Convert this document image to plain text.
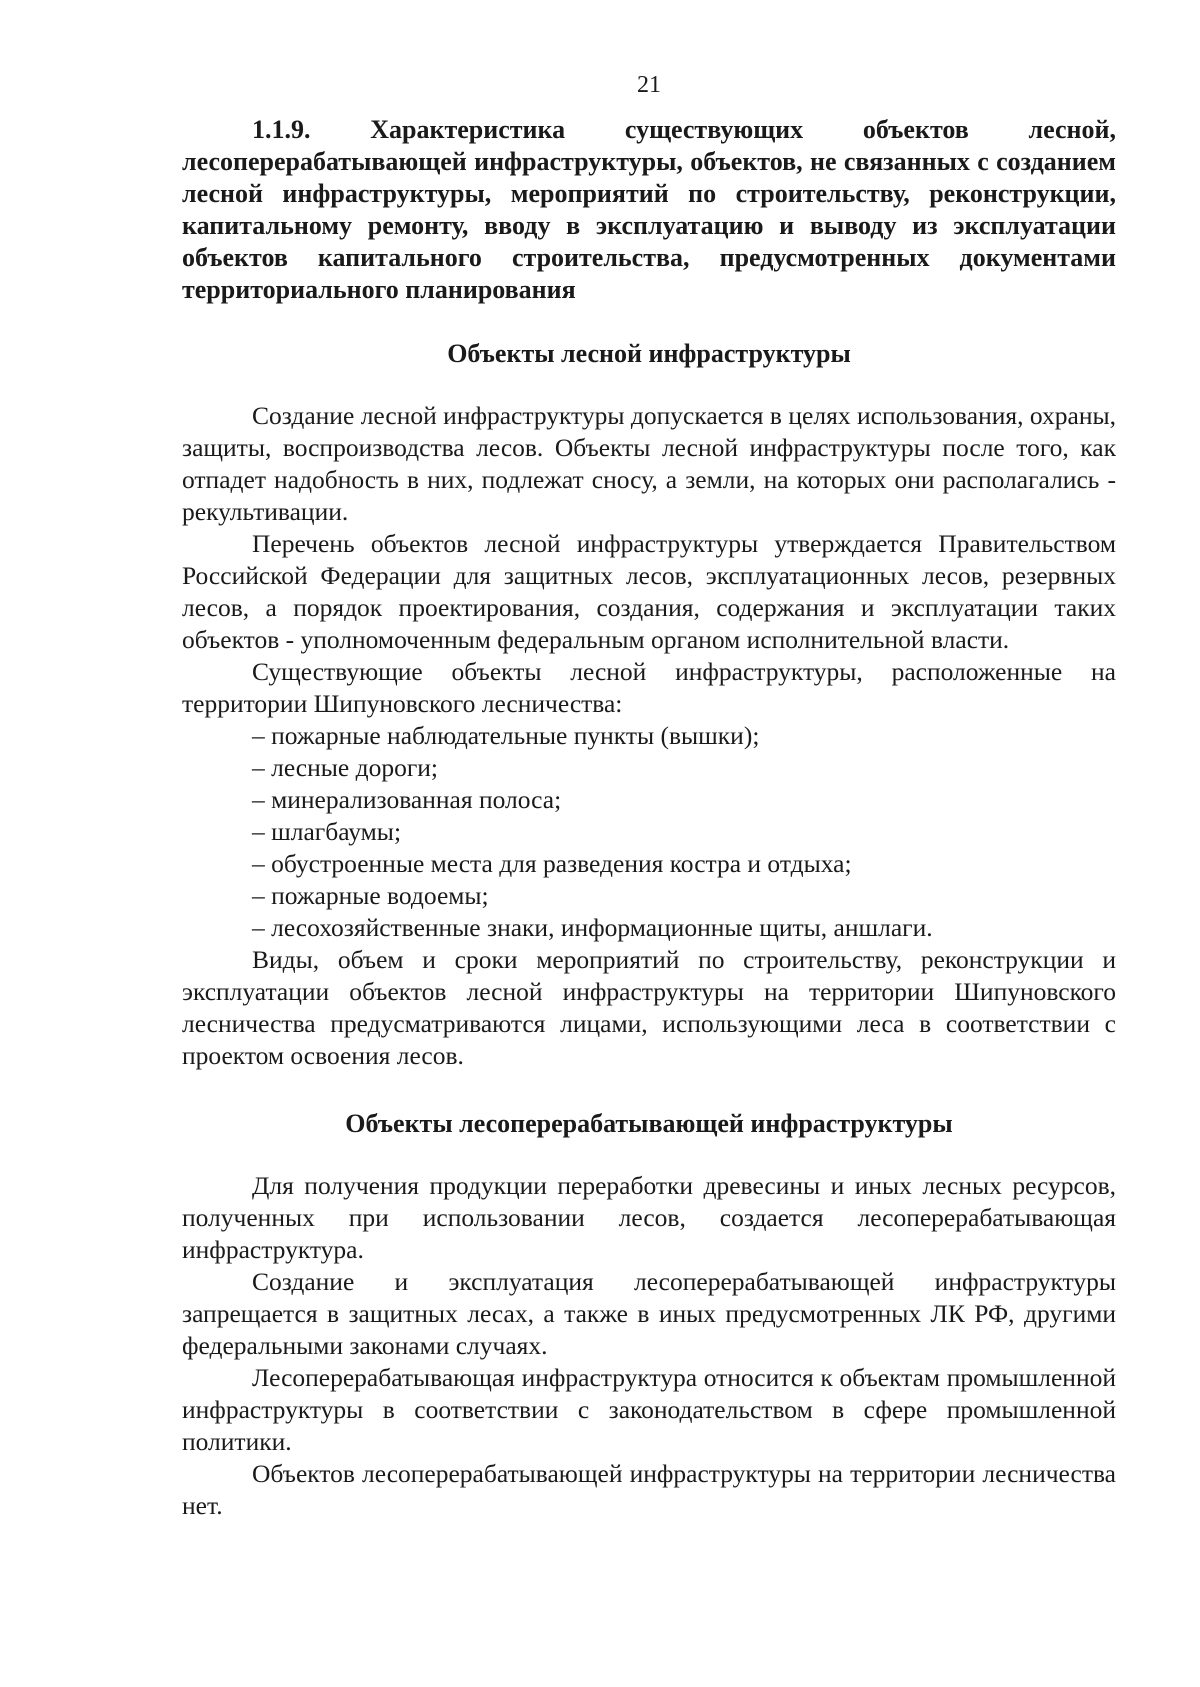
21
1.1.9. Характеристика существующих объектов лесной, лесоперерабатывающей инфраструктуры, объектов, не связанных с созданием лесной инфраструктуры, мероприятий по строительству, реконструкции, капитальному ремонту, вводу в эксплуатацию и выводу из эксплуатации объектов капитального строительства, предусмотренных документами территориального планирования
Объекты лесной инфраструктуры

Создание лесной инфраструктуры допускается в целях использования, охраны, защиты, воспроизводства лесов. Объекты лесной инфраструктуры после того, как отпадет надобность в них, подлежат сносу, а земли, на которых они располагались - рекультивации.

Перечень объектов лесной инфраструктуры утверждается Правительством Российской Федерации для защитных лесов, эксплуатационных лесов, резервных лесов, а порядок проектирования, создания, содержания и эксплуатации таких объектов - уполномоченным федеральным органом исполнительной власти.

Существующие объекты лесной инфраструктуры, расположенные на территории Шипуновского лесничества:

– пожарные наблюдательные пункты (вышки);
– лесные дороги;
– минерализованная полоса;
– шлагбаумы;
– обустроенные места для разведения костра и отдыха;
– пожарные водоемы;
– лесохозяйственные знаки, информационные щиты, аншлаги.

Виды, объем и сроки мероприятий по строительству, реконструкции и эксплуатации объектов лесной инфраструктуры на территории Шипуновского лесничества предусматриваются лицами, использующими леса в соответствии с проектом освоения лесов.

Объекты лесоперерабатывающей инфраструктуры

Для получения продукции переработки древесины и иных лесных ресурсов, полученных при использовании лесов, создается лесоперерабатывающая инфраструктура.

Создание и эксплуатация лесоперерабатывающей инфраструктуры запрещается в защитных лесах, а также в иных предусмотренных ЛК РФ, другими федеральными законами случаях.

Лесоперерабатывающая инфраструктура относится к объектам промышленной инфраструктуры в соответствии с законодательством в сфере промышленной политики.

Объектов лесоперерабатывающей инфраструктуры на территории лесничества нет.
